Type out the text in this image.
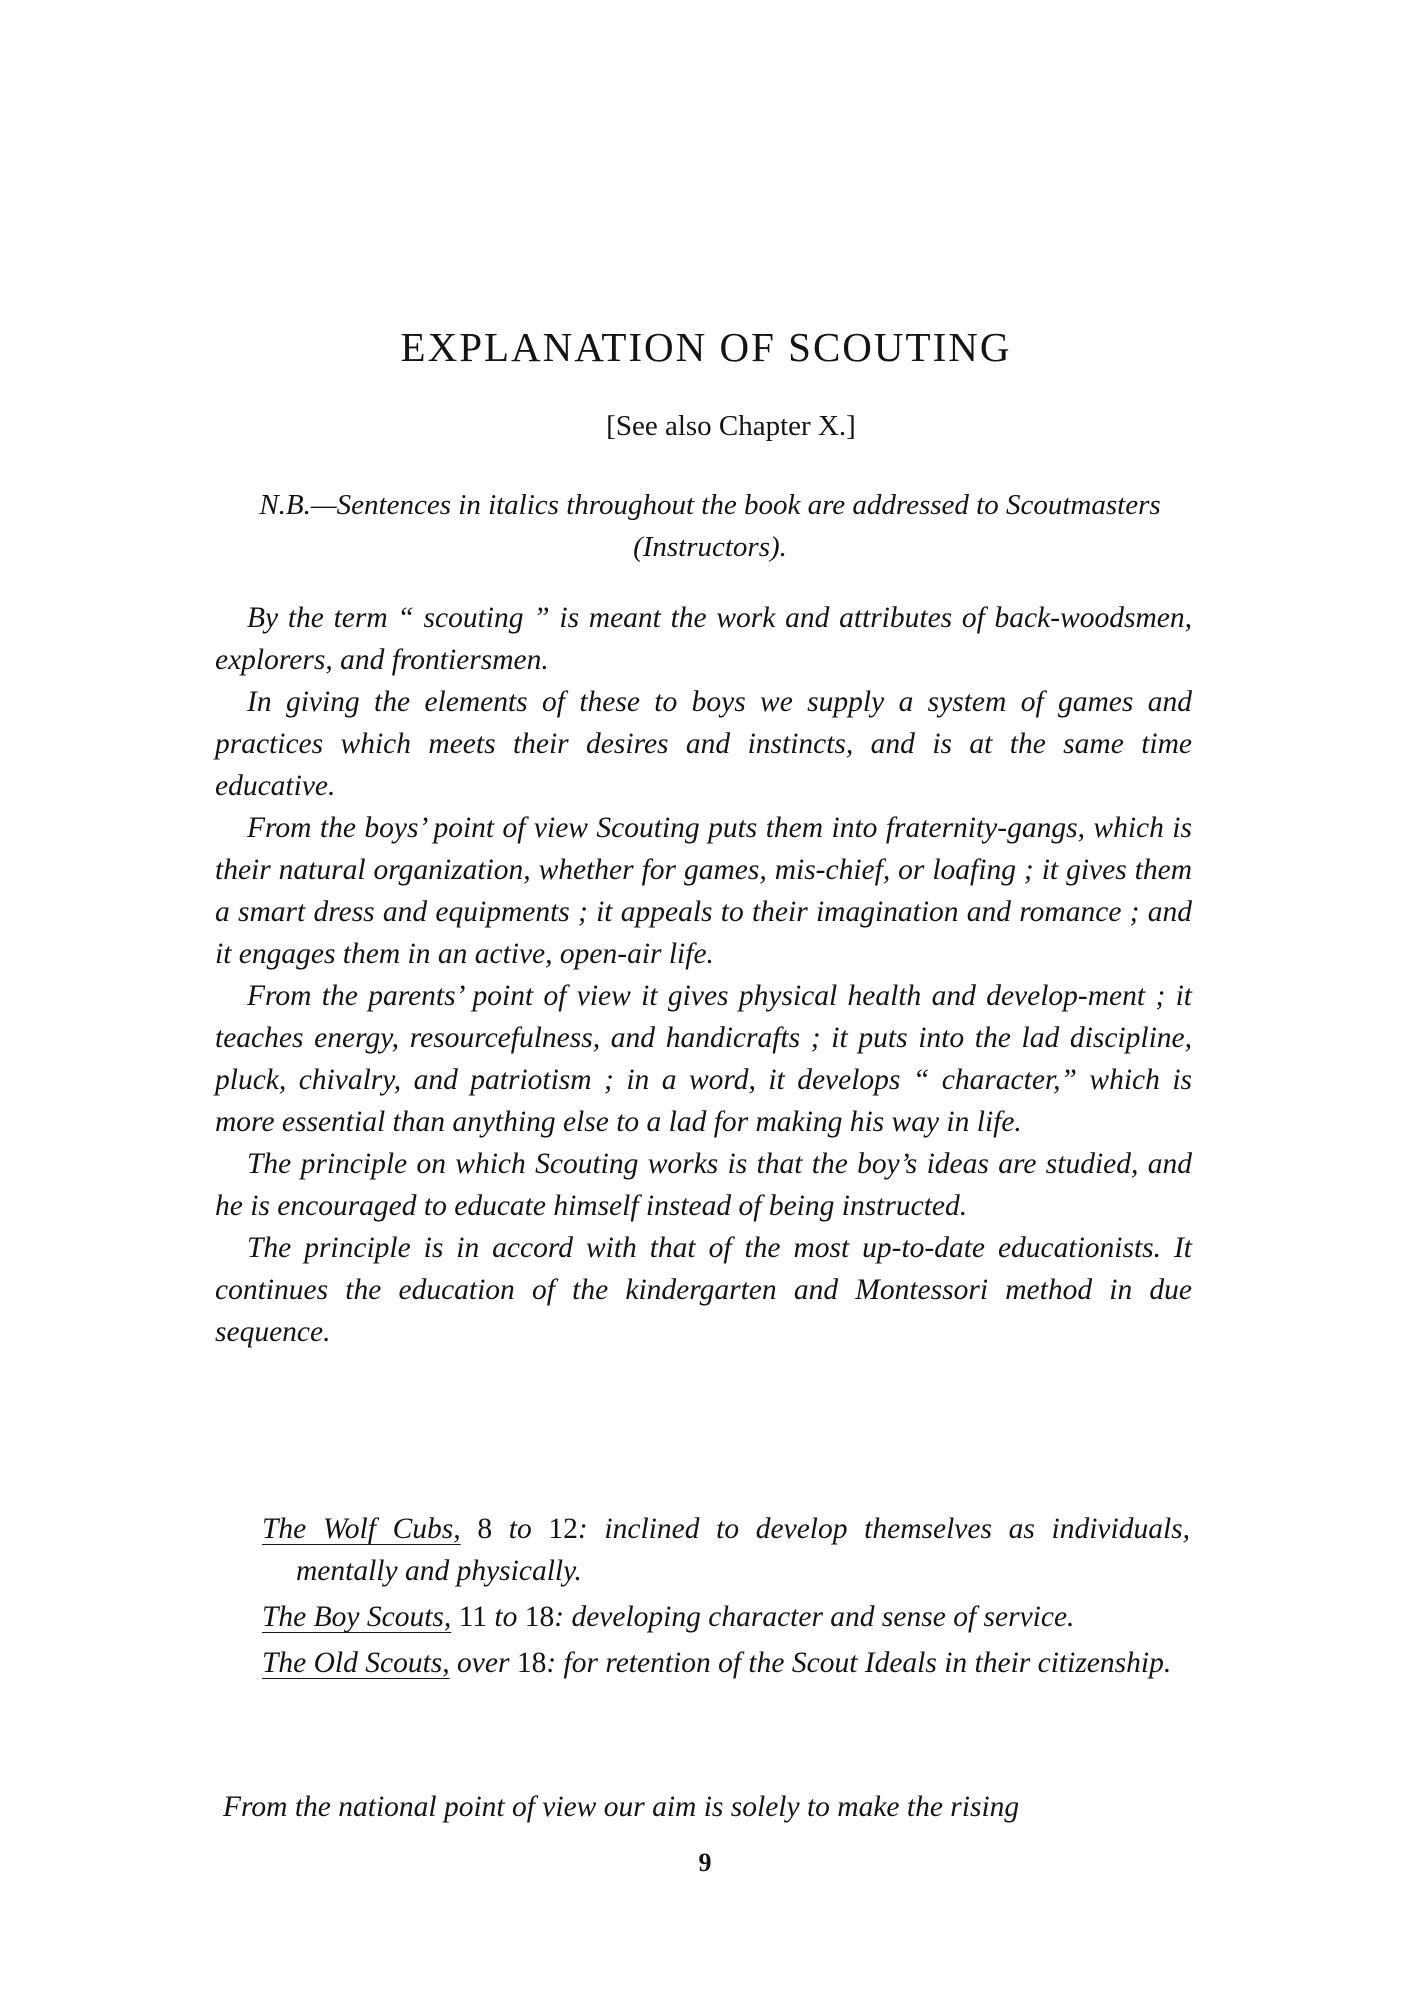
EXPLANATION OF SCOUTING
[See also Chapter X.]
N.B.—Sentences in italics throughout the book are addressed to Scoutmasters (Instructors).

By the term “ scouting ” is meant the work and attributes of back-woodsmen, explorers, and frontiersmen.

In giving the elements of these to boys we supply a system of games and practices which meets their desires and instincts, and is at the same time educative.

From the boys’ point of view Scouting puts them into fraternity-gangs, which is their natural organization, whether for games, mis-chief, or loafing ; it gives them a smart dress and equipments ; it appeals to their imagination and romance ; and it engages them in an active, open-air life.

From the parents’ point of view it gives physical health and develop-ment ; it teaches energy, resourcefulness, and handicrafts ; it puts into the lad discipline, pluck, chivalry, and patriotism ; in a word, it develops “ character,” which is more essential than anything else to a lad for making his way in life.

The principle on which Scouting works is that the boy’s ideas are studied, and he is encouraged to educate himself instead of being instructed.

The principle is in accord with that of the most up-to-date educationists. It continues the education of the kindergarten and Montessori method in due sequence.

The Wolf Cubs, 8 to 12: inclined to develop themselves as individuals, mentally and physically.
The Boy Scouts, 11 to 18: developing character and sense of service.
The Old Scouts, over 18: for retention of the Scout Ideals in their citizenship.
From the national point of view our aim is solely to make the rising
9
